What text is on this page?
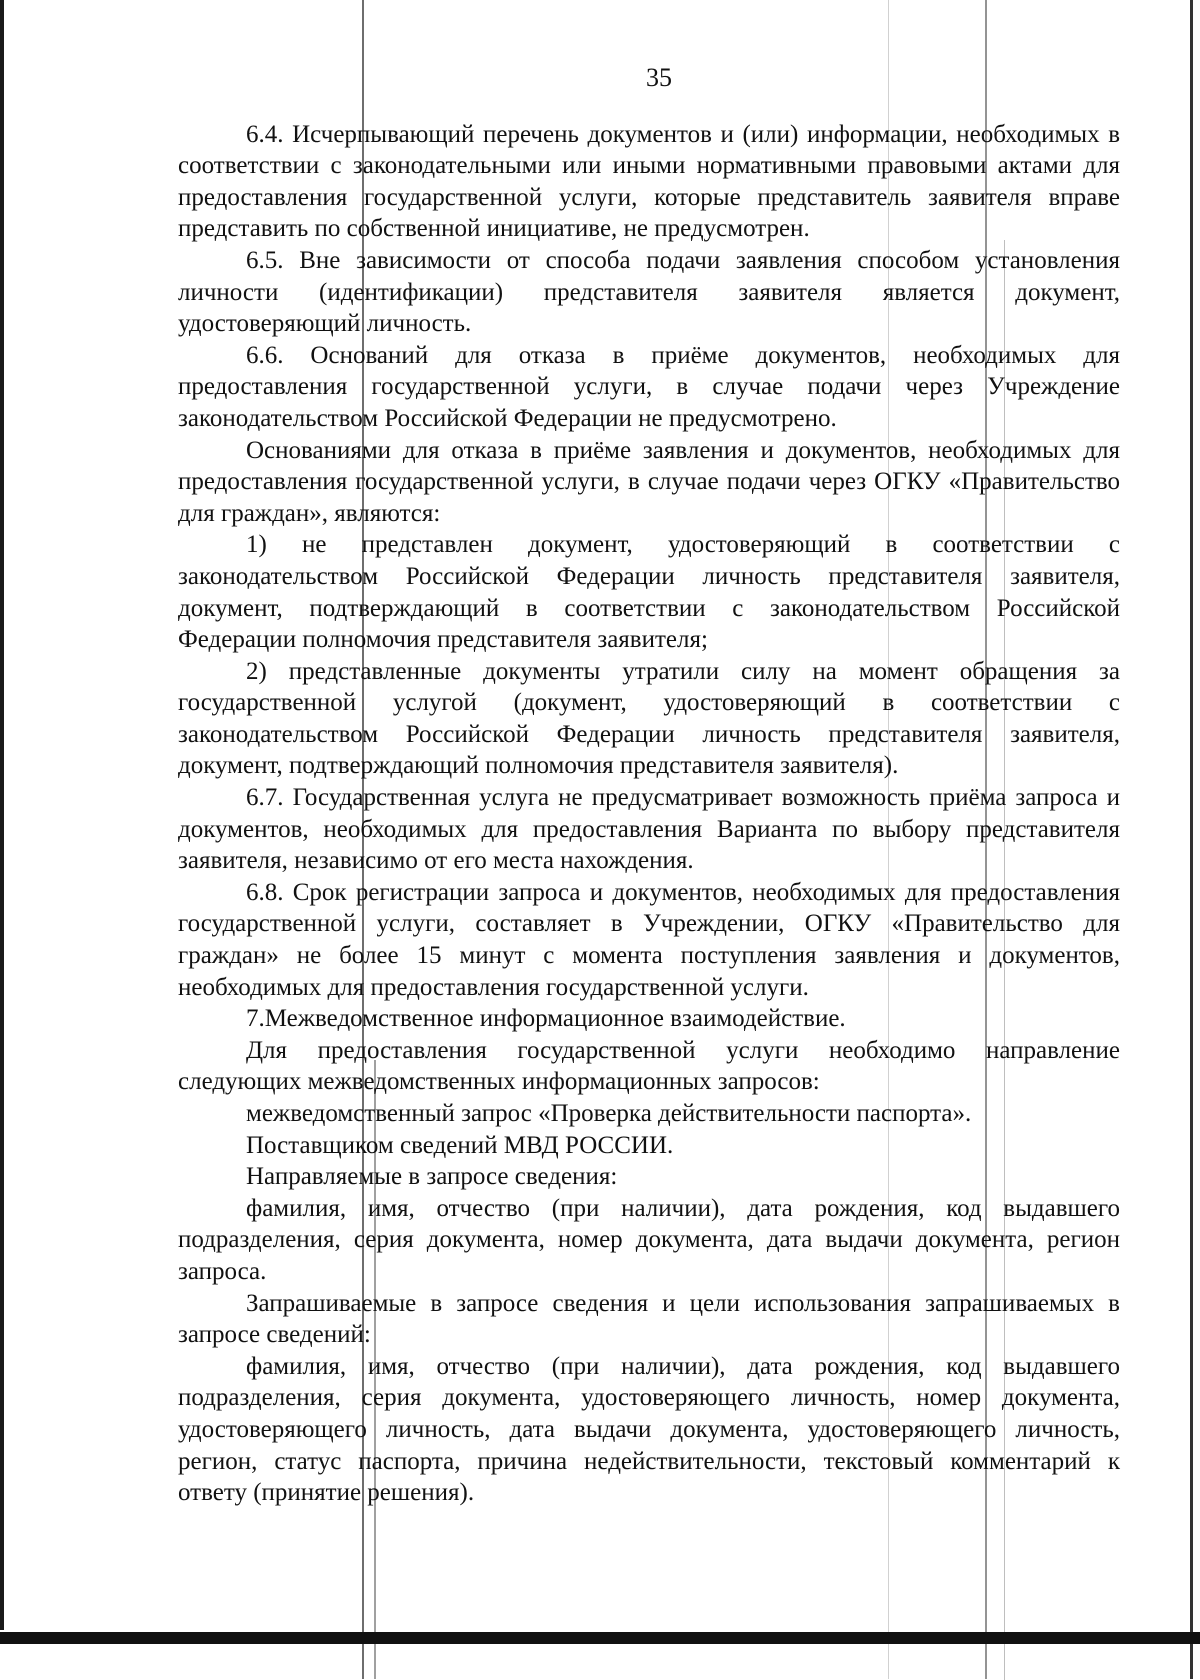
35

6.4. Исчерпывающий перечень документов и (или) информации, необходимых в соответствии с законодательными или иными нормативными правовыми актами для предоставления государственной услуги, которые представитель заявителя вправе представить по собственной инициативе, не предусмотрен.

6.5. Вне зависимости от способа подачи заявления способом установления личности (идентификации) представителя заявителя является документ, удостоверяющий личность.

6.6. Оснований для отказа в приёме документов, необходимых для предоставления государственной услуги, в случае подачи через Учреждение законодательством Российской Федерации не предусмотрено.

Основаниями для отказа в приёме заявления и документов, необходимых для предоставления государственной услуги, в случае подачи через ОГКУ «Правительство для граждан», являются:

1) не представлен документ, удостоверяющий в соответствии с законодательством Российской Федерации личность представителя заявителя, документ, подтверждающий в соответствии с законодательством Российской Федерации полномочия представителя заявителя;

2) представленные документы утратили силу на момент обращения за государственной услугой (документ, удостоверяющий в соответствии с законодательством Российской Федерации личность представителя заявителя, документ, подтверждающий полномочия представителя заявителя).

6.7. Государственная услуга не предусматривает возможность приёма запроса и документов, необходимых для предоставления Варианта по выбору представителя заявителя, независимо от его места нахождения.

6.8. Срок регистрации запроса и документов, необходимых для предоставления государственной услуги, составляет в Учреждении, ОГКУ «Правительство для граждан» не более 15 минут с момента поступления заявления и документов, необходимых для предоставления государственной услуги.

7.Межведомственное информационное взаимодействие.

Для предоставления государственной услуги необходимо направление следующих межведомственных информационных запросов:

межведомственный запрос «Проверка действительности паспорта».

Поставщиком сведений МВД РОССИИ.

Направляемые в запросе сведения:

фамилия, имя, отчество (при наличии), дата рождения, код выдавшего подразделения, серия документа, номер документа, дата выдачи документа, регион запроса.

Запрашиваемые в запросе сведения и цели использования запрашиваемых в запросе сведений:

фамилия, имя, отчество (при наличии), дата рождения, код выдавшего подразделения, серия документа, удостоверяющего личность, номер документа, удостоверяющего личность, дата выдачи документа, удостоверяющего личность, регион, статус паспорта, причина недействительности, текстовый комментарий к ответу (принятие решения).
